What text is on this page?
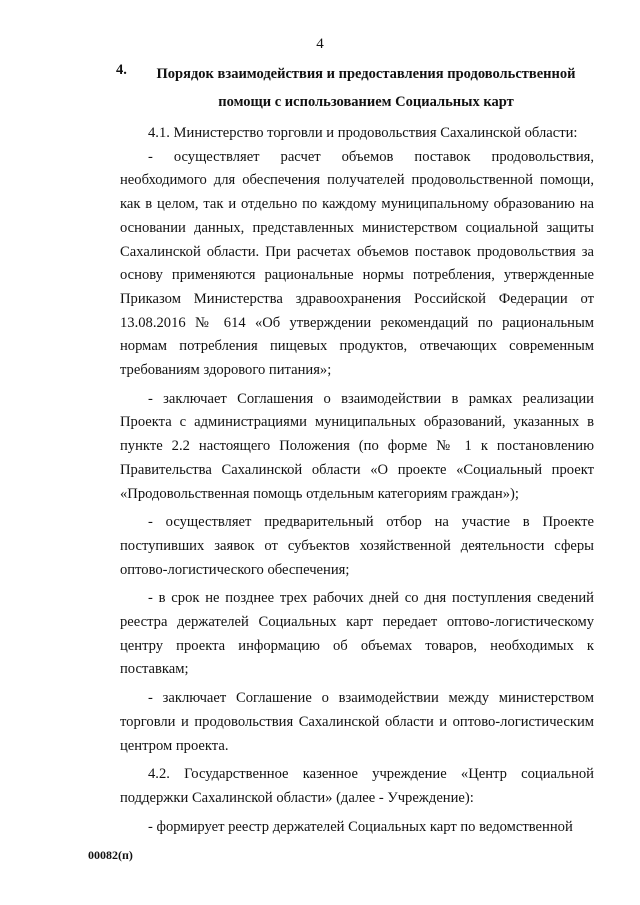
4
4.	Порядок взаимодействия и предоставления продовольственной помощи с использованием Социальных карт

4.1. Министерство торговли и продовольствия Сахалинской области:

- осуществляет расчет объемов поставок продовольствия, необходимого для обеспечения получателей продовольственной помощи, как в целом, так и отдельно по каждому муниципальному образованию на основании данных, представленных министерством социальной защиты Сахалинской области. При расчетах объемов поставок продовольствия за основу применяются рациональные нормы потребления, утвержденные Приказом Министерства здравоохранения Российской Федерации от 13.08.2016 № 614 «Об утверждении рекомендаций по рациональным нормам потребления пищевых продуктов, отвечающих современным требованиям здорового питания»;

- заключает Соглашения о взаимодействии в рамках реализации Проекта с администрациями муниципальных образований, указанных в пункте 2.2 настоящего Положения (по форме № 1 к постановлению Правительства Сахалинской области «О проекте «Социальный проект «Продовольственная помощь отдельным категориям граждан»);

- осуществляет предварительный отбор на участие в Проекте поступивших заявок от субъектов хозяйственной деятельности сферы оптово-логистического обеспечения;

- в срок не позднее трех рабочих дней со дня поступления сведений реестра держателей Социальных карт передает оптово-логистическому центру проекта информацию об объемах товаров, необходимых к поставкам;

- заключает Соглашение о взаимодействии между министерством торговли и продовольствия Сахалинской области и оптово-логистическим центром проекта.

4.2. Государственное казенное учреждение «Центр социальной поддержки Сахалинской области» (далее - Учреждение):

- формирует реестр держателей Социальных карт по ведомственной

00082(п)
